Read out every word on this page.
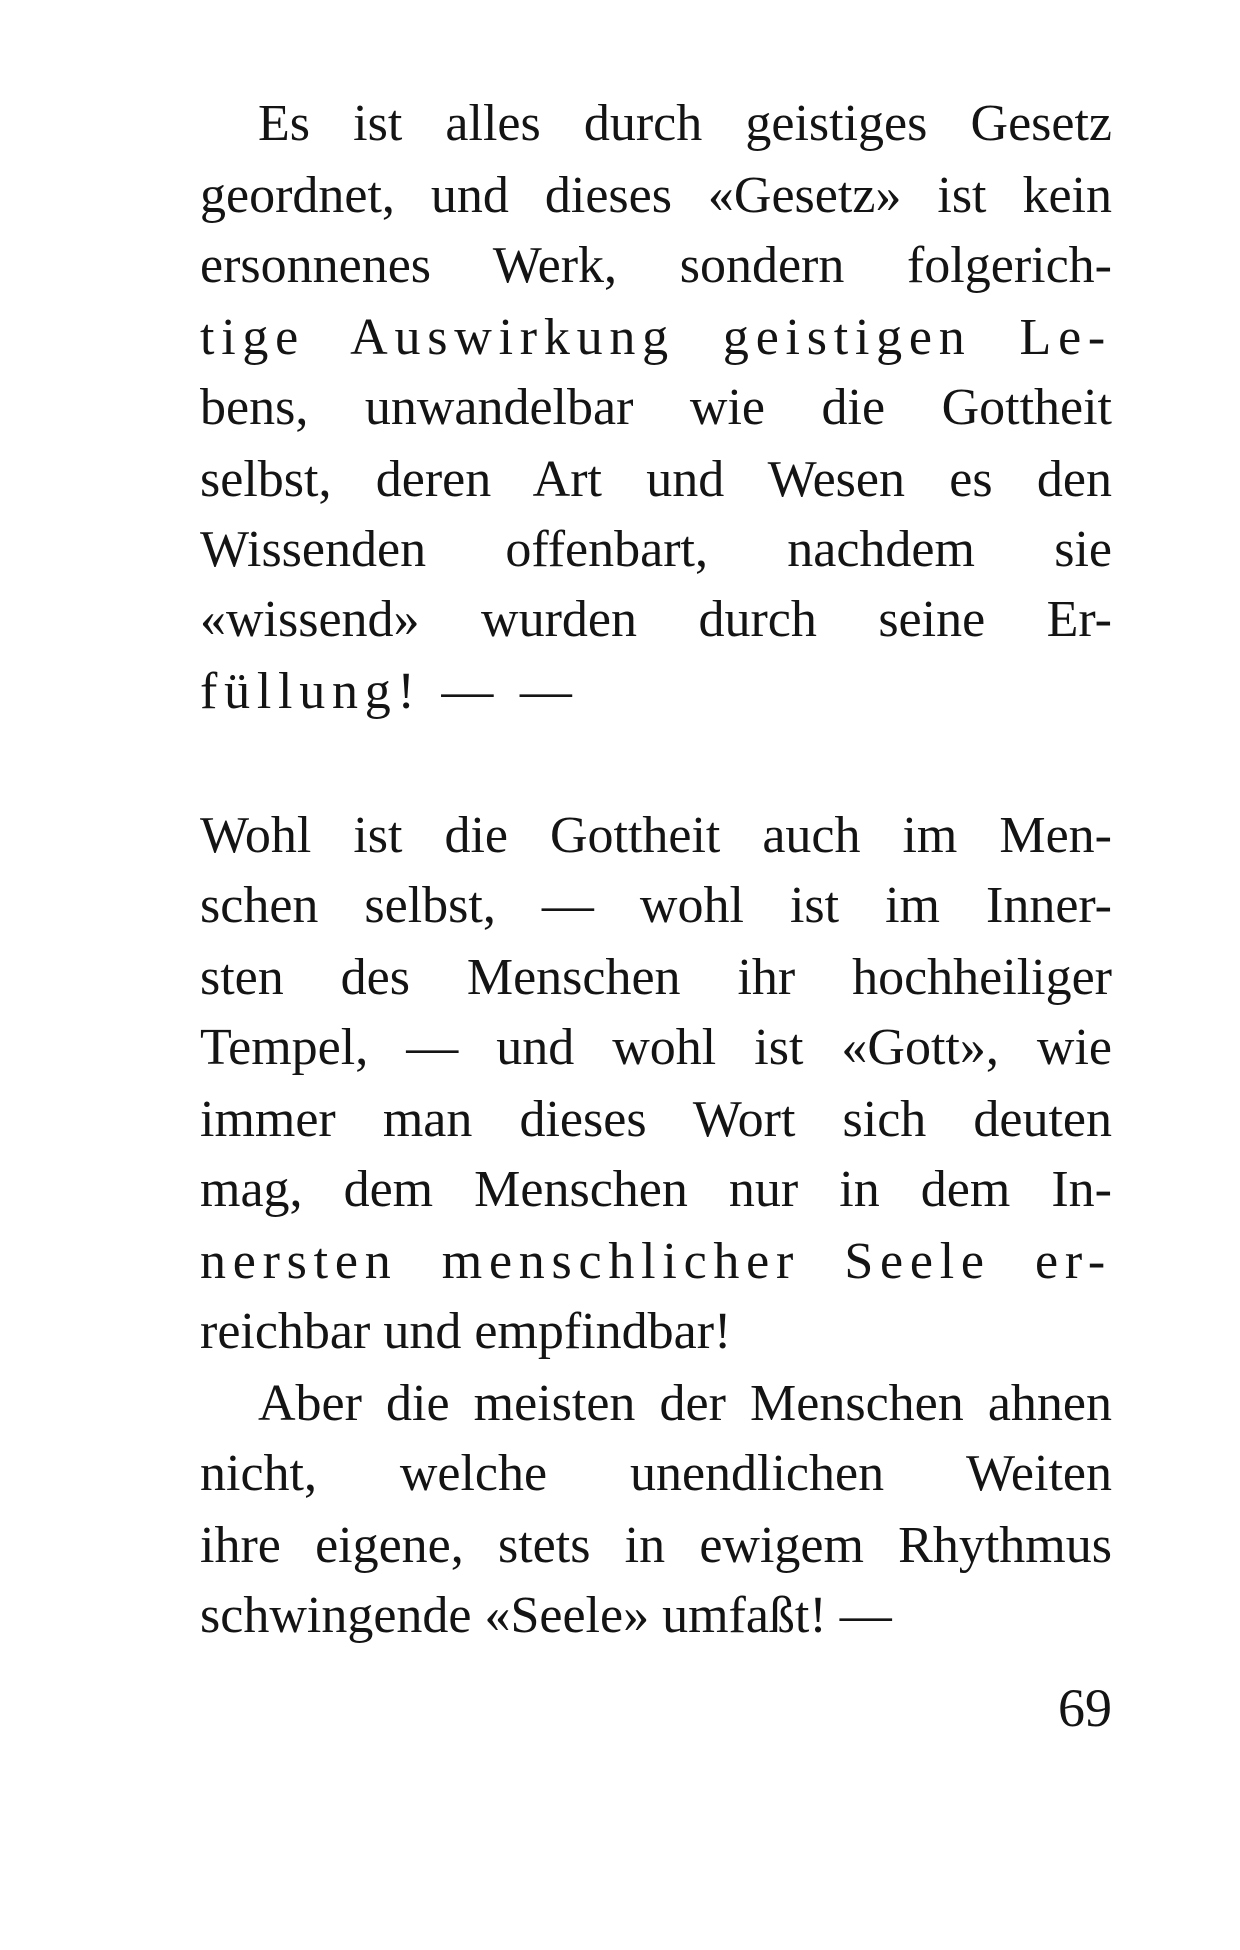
Es ist alles durch geistiges Gesetz
geordnet, und dieses «Gesetz» ist kein
ersonnenes Werk, sondern folgerich-
tige Auswirkung geistigen Le-
bens, unwandelbar wie die Gottheit
selbst, deren Art und Wesen es den
Wissenden offenbart, nachdem sie
«wissend» wurden durch seine Er-
füllung! — —
Wohl ist die Gottheit auch im Men-
schen selbst, — wohl ist im Inner-
sten des Menschen ihr hochheiliger
Tempel, — und wohl ist «Gott», wie
immer man dieses Wort sich deuten
mag, dem Menschen nur in dem In-
nersten menschlicher Seele er-
reichbar und empfindbar!
Aber die meisten der Menschen ahnen
nicht, welche unendlichen Weiten
ihre eigene, stets in ewigem Rhythmus
schwingende «Seele» umfaßt! —
69
